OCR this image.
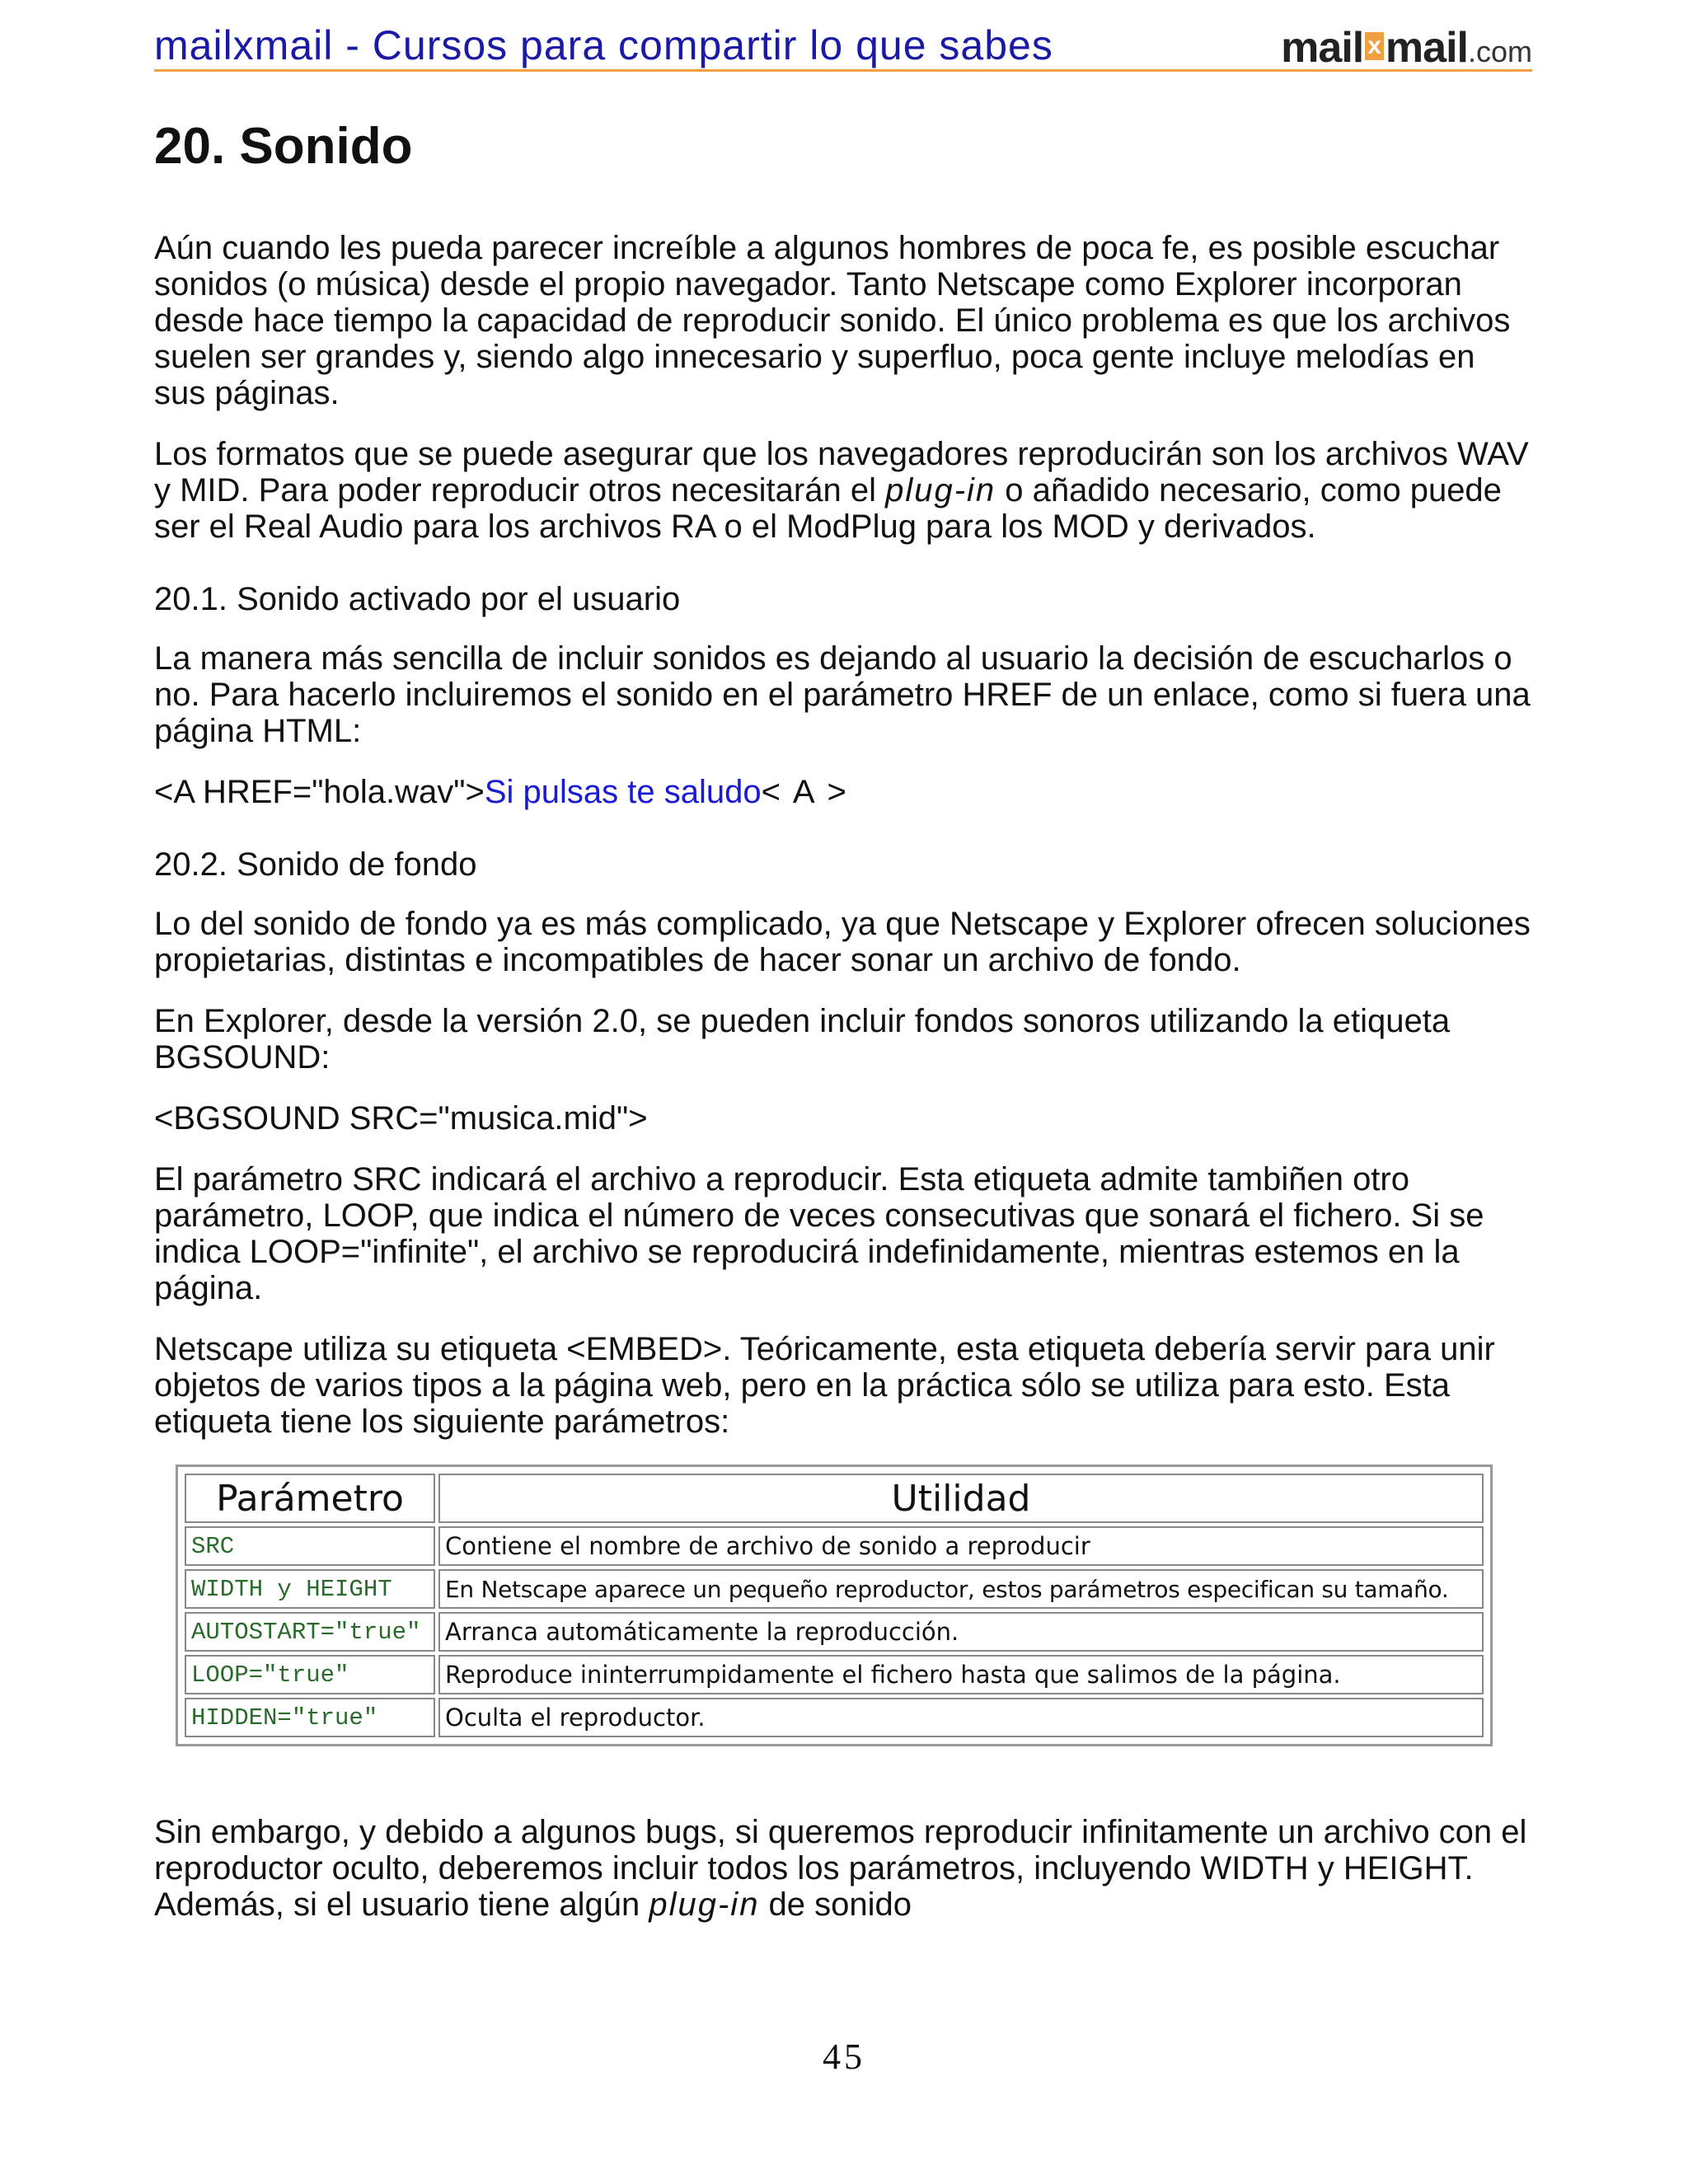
mailxmail - Cursos para compartir lo que sabes	mail xmail.com
20. Sonido

Aún cuando les pueda parecer increíble a algunos hombres de poca fe, es posible escuchar sonidos (o música) desde el propio navegador. Tanto Netscape como Explorer incorporan desde hace tiempo la capacidad de reproducir sonido. El único problema es que los archivos suelen ser grandes y, siendo algo innecesario y superfluo, poca gente incluye melodías en sus páginas.

Los formatos que se puede asegurar que los navegadores reproducirán son los archivos WAV y MID. Para poder reproducir otros necesitarán el plug-in o añadido necesario, como puede ser el Real Audio para los archivos RA o el ModPlug para los MOD y derivados.

20.1. Sonido activado por el usuario

La manera más sencilla de incluir sonidos es dejando al usuario la decisión de escucharlos o no. Para hacerlo incluiremos el sonido en el parámetro HREF de un enlace, como si fuera una página HTML:

<A HREF="hola.wav">Si pulsas te saludo< A >

20.2. Sonido de fondo

Lo del sonido de fondo ya es más complicado, ya que Netscape y Explorer ofrecen soluciones propietarias, distintas e incompatibles de hacer sonar un archivo de fondo.

En Explorer, desde la versión 2.0, se pueden incluir fondos sonoros utilizando la etiqueta BGSOUND:

<BGSOUND SRC="musica.mid">

El parámetro SRC indicará el archivo a reproducir. Esta etiqueta admite tambiñen otro parámetro, LOOP, que indica el número de veces consecutivas que sonará el fichero. Si se indica LOOP="infinite", el archivo se reproducirá indefinidamente, mientras estemos en la página.

Netscape utiliza su etiqueta <EMBED>. Teóricamente, esta etiqueta debería servir para unir objetos de varios tipos a la página web, pero en la práctica sólo se utiliza para esto. Esta etiqueta tiene los siguiente parámetros:

Parámetro	Utilidad
SRC	Contiene el nombre de archivo de sonido a reproducir
WIDTH y HEIGHT	En Netscape aparece un pequeño reproductor, estos parámetros especifican su tamaño.
AUTOSTART="true"	Arranca automáticamente la reproducción.
LOOP="true"	Reproduce ininterrumpidamente el fichero hasta que salimos de la página.
HIDDEN="true"	Oculta el reproductor.

Sin embargo, y debido a algunos bugs, si queremos reproducir infinitamente un archivo con el reproductor oculto, deberemos incluir todos los parámetros, incluyendo WIDTH y HEIGHT. Además, si el usuario tiene algún plug-in de sonido

45
